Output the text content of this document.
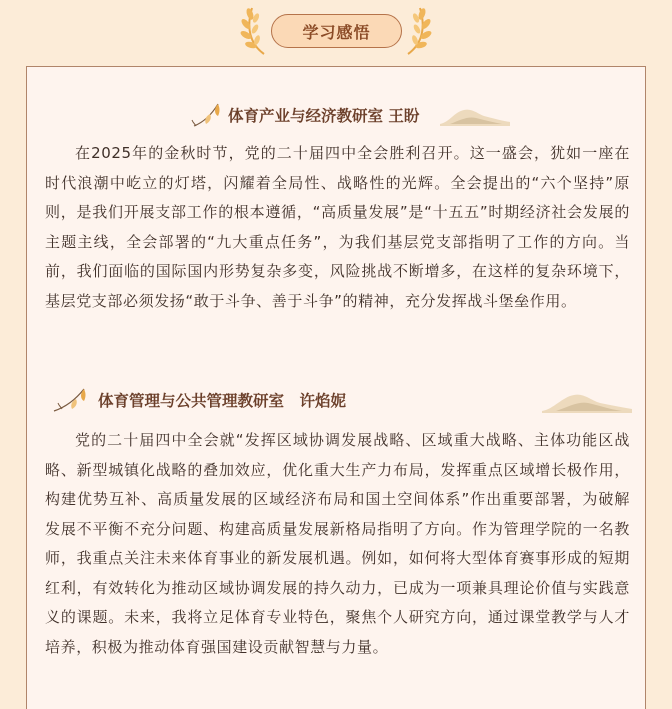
学习感悟
体育产业与经济教研室 王盼
在2025年的金秋时节，党的二十届四中全会胜利召开。这一盛会，犹如一座在时代浪潮中屹立的灯塔，闪耀着全局性、战略性的光辉。全会提出的“六个坚持”原则，是我们开展支部工作的根本遵循，“高质量发展”是“十五五”时期经济社会发展的主题主线，全会部署的“九大重点任务”，为我们基层党支部指明了工作的方向。当前，我们面临的国际国内形势复杂多变，风险挑战不断增多，在这样的复杂环境下，基层党支部必须发扬“敢于斗争、善于斗争”的精神，充分发挥战斗堡垒作用。
体育管理与公共管理教研室　许焰妮
党的二十届四中全会就“发挥区域协调发展战略、区域重大战略、主体功能区战略、新型城镇化战略的叠加效应，优化重大生产力布局，发挥重点区域增长极作用，构建优势互补、高质量发展的区域经济布局和国土空间体系”作出重要部署，为破解发展不平衡不充分问题、构建高质量发展新格局指明了方向。作为管理学院的一名教师，我重点关注未来体育事业的新发展机遇。例如，如何将大型体育赛事形成的短期红利，有效转化为推动区域协调发展的持久动力，已成为一项兼具理论价值与实践意义的课题。未来，我将立足体育专业特色，聚焦个人研究方向，通过课堂教学与人才培养，积极为推动体育强国建设贡献智慧与力量。
